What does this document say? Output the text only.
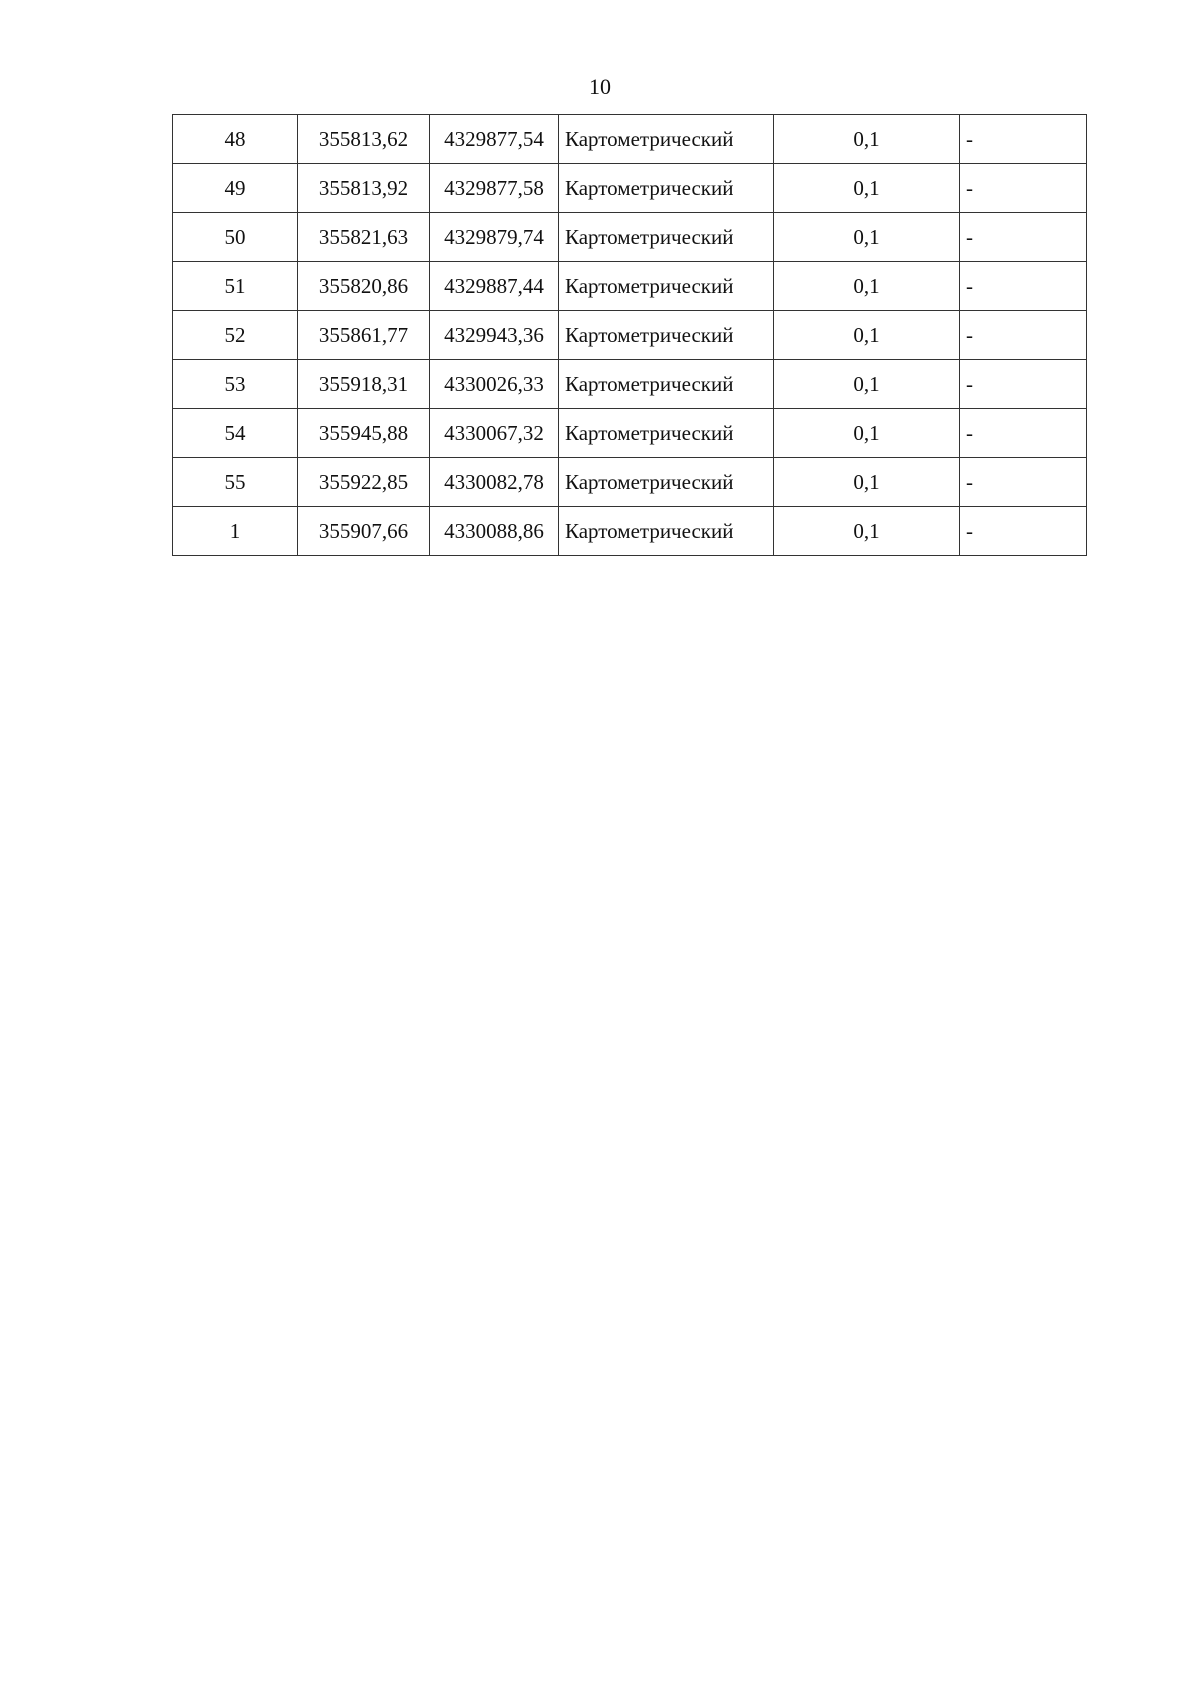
10
48	355813,62	4329877,54	Картометрический	0,1	-
49	355813,92	4329877,58	Картометрический	0,1	-
50	355821,63	4329879,74	Картометрический	0,1	-
51	355820,86	4329887,44	Картометрический	0,1	-
52	355861,77	4329943,36	Картометрический	0,1	-
53	355918,31	4330026,33	Картометрический	0,1	-
54	355945,88	4330067,32	Картометрический	0,1	-
55	355922,85	4330082,78	Картометрический	0,1	-
1	355907,66	4330088,86	Картометрический	0,1	-
